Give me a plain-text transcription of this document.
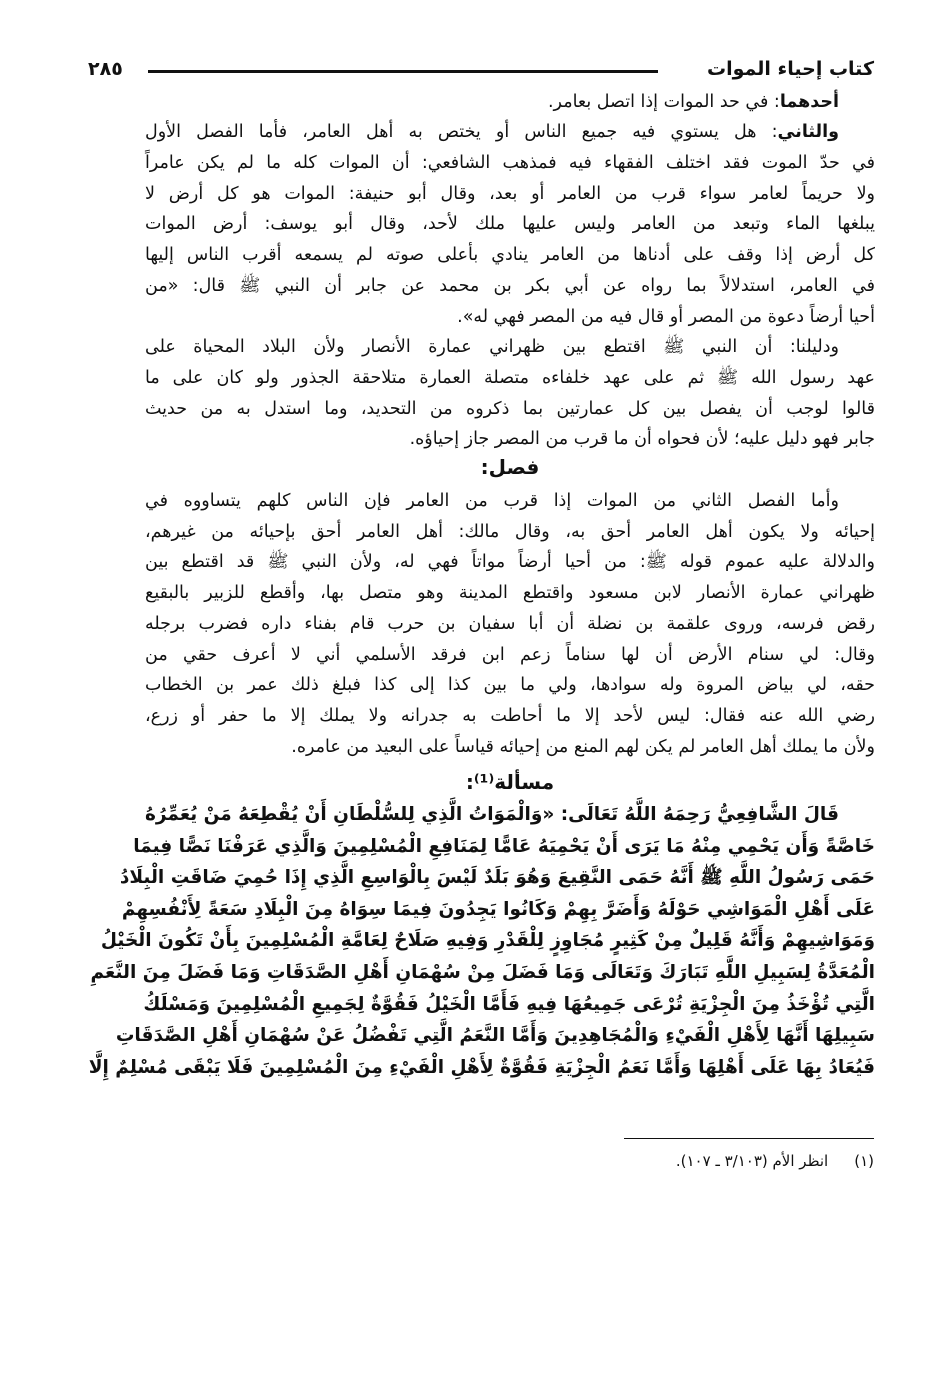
كتاب إحياء الموات
٢٨٥
أحدهما: في حد الموات إذا اتصل بعامر.
والثاني: هل يستوي فيه جميع الناس أو يختص به أهل العامر، فأما الفصل الأول
في حدّ الموت فقد اختلف الفقهاء فيه فمذهب الشافعي: أن الموات كله ما لم يكن عامراً
ولا حريماً لعامر سواء قرب من العامر أو بعد، وقال أبو حنيفة: الموات هو كل أرض لا
يبلغها الماء وتبعد من العامر وليس عليها ملك لأحد، وقال أبو يوسف: أرض الموات
كل أرض إذا وقف على أدناها من العامر ينادي بأعلى صوته لم يسمعه أقرب الناس إليها
في العامر، استدلالاً بما رواه عن أبي بكر بن محمد عن جابر أن النبي ﷺ قال: «من
أحيا أرضاً دعوة من المصر أو قال فيه من المصر فهي له».
ودليلنا: أن النبي ﷺ اقتطع بين ظهراني عمارة الأنصار ولأن البلاد المحياة على
عهد رسول الله ﷺ ثم على عهد خلفاءه متصلة العمارة متلاحقة الجذور ولو كان على ما
قالوا لوجب أن يفصل بين كل عمارتين بما ذكروه من التحديد، وما استدل به من حديث
جابر فهو دليل عليه؛ لأن فحواه أن ما قرب من المصر جاز إحياؤه.
فصل:
وأما الفصل الثاني من الموات إذا قرب من العامر فإن الناس كلهم يتساووه في
إحيائه ولا يكون أهل العامر أحق به، وقال مالك: أهل العامر أحق بإحيائه من غيرهم،
والدلالة عليه عموم قوله ﷺ: من أحيا أرضاً مواتاً فهي له، ولأن النبي ﷺ قد اقتطع بين
ظهراني عمارة الأنصار لابن مسعود واقتطع المدينة وهو متصل بها، وأقطع للزبير بالبقيع
رقض فرسه، وروى علقمة بن نضلة أن أبا سفيان بن حرب قام بفناء داره فضرب برجله
وقال: لي سنام الأرض أن لها سناماً زعم ابن فرقد الأسلمي أني لا أعرف حقي من
حقه، لي بياض المروة وله سوادها، ولي ما بين كذا إلى كذا فبلغ ذلك عمر بن الخطاب
رضي الله عنه فقال: ليس لأحد إلا ما أحاطت به جدرانه ولا يملك إلا ما حفر أو زرع،
ولأن ما يملك أهل العامر لم يكن لهم المنع من إحيائه قياساً على البعيد من عامره.
مسألة⁽¹⁾:
قَالَ الشَّافِعِيُّ رَحِمَهُ اللَّهُ تَعَالَى: «وَالْمَوَاتُ الَّذِي لِلسُّلْطَانِ أَنْ يُقْطِعَهُ مَنْ يُعَمِّرُهُ
خَاصَّةً وَأَن يَحْمِي مِنْهُ مَا يَرَى أَنْ يَحْمِيَهُ عَامًّا لِمَنَافِعِ الْمُسْلِمِينَ وَالَّذِي عَرَفْنَا نَصًّا فِيمَا
حَمَى رَسُولُ اللَّهِ ﷺ أَنَّهُ حَمَى النَّقِيعَ وَهُوَ بَلَدٌ لَيْسَ بِالْوَاسِعِ الَّذِي إِذَا حُمِيَ ضَاقَتِ الْبِلَادُ
عَلَى أَهْلِ الْمَوَاشِي حَوْلَهُ وَأَضَرَّ بِهِمْ وَكَانُوا يَجِدُونَ فِيمَا سِوَاهُ مِنَ الْبِلَادِ سَعَةً لِأَنْفُسِهِمْ
وَمَوَاشِيهِمْ وَأَنَّهُ قَلِيلٌ مِنْ كَثِيرٍ مُجَاوِزٍ لِلْقَدْرِ وَفِيهِ صَلَاحٌ لِعَامَّةِ الْمُسْلِمِينَ بِأَنْ تَكُونَ الْخَيْلُ
الْمُعَدَّةُ لِسَبِيلِ اللَّهِ تَبَارَكَ وَتَعَالَى وَمَا فَضَلَ مِنْ سُهْمَانِ أَهْلِ الصَّدَقَاتِ وَمَا فَضَلَ مِنَ النَّعَمِ
الَّتِي تُؤْخَذُ مِنَ الْجِزْيَةِ تُرْعَى جَمِيعُهَا فِيهِ فَأَمَّا الْخَيْلُ فَقُوَّةٌ لِجَمِيعِ الْمُسْلِمِينَ وَمَسْلَكُ
سَبِيلِهَا أَنَّهَا لِأَهْلِ الْفَيْءِ وَالْمُجَاهِدِينَ وَأَمَّا النَّعَمُ الَّتِي تَفْضُلُ عَنْ سُهْمَانِ أَهْلِ الصَّدَقَاتِ
فَيُعَادُ بِهَا عَلَى أَهْلِهَا وَأَمَّا نَعَمُ الْجِزْيَةِ فَقُوَّةٌ لِأَهْلِ الْفَيْءِ مِنَ الْمُسْلِمِينَ فَلَا يَبْقَى مُسْلِمٌ إِلَّا
(١)انظر الأم (٣/١٠٣ ـ ١٠٧).
